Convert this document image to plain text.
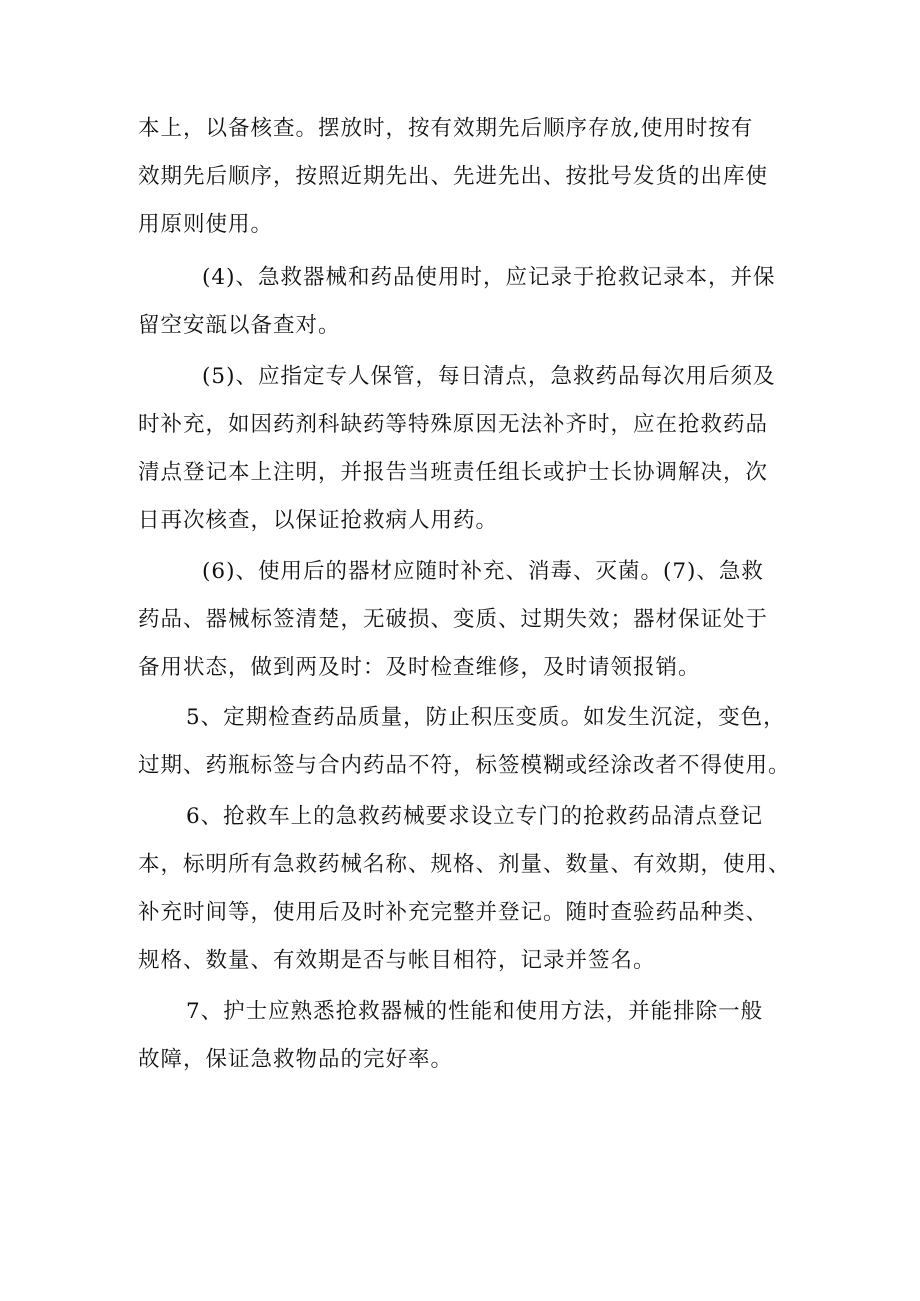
本上，以备核查。摆放时，按有效期先后顺序存放,使用时按有

效期先后顺序，按照近期先出、先进先出、按批号发货的出库使

用原则使用。

(4)、急救器械和药品使用时，应记录于抢救记录本，并保

留空安瓿以备查对。

(5)、应指定专人保管，每日清点，急救药品每次用后须及

时补充，如因药剂科缺药等特殊原因无法补齐时，应在抢救药品

清点登记本上注明，并报告当班责任组长或护士长协调解决，次

日再次核查，以保证抢救病人用药。

(6)、使用后的器材应随时补充、消毒、灭菌。(7)、急救

药品、器械标签清楚，无破损、变质、过期失效；器材保证处于

备用状态，做到两及时：及时检查维修，及时请领报销。

5、定期检查药品质量，防止积压变质。如发生沉淀，变色，

过期、药瓶标签与合内药品不符，标签模糊或经涂改者不得使用。

6、抢救车上的急救药械要求设立专门的抢救药品清点登记

本，标明所有急救药械名称、规格、剂量、数量、有效期，使用、

补充时间等，使用后及时补充完整并登记。随时查验药品种类、

规格、数量、有效期是否与帐目相符，记录并签名。

7、护士应熟悉抢救器械的性能和使用方法，并能排除一般

故障，保证急救物品的完好率。
